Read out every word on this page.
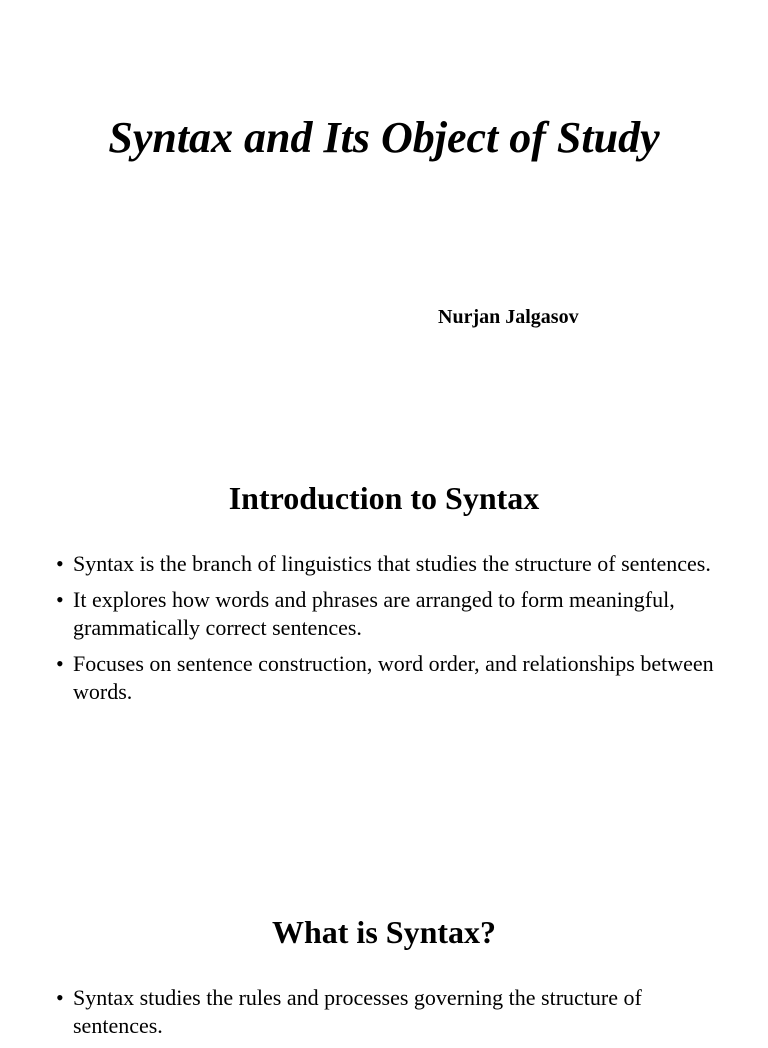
Syntax and Its Object of Study

Nurjan Jalgasov

Introduction to Syntax
• Syntax is the branch of linguistics that studies the structure of sentences.
• It explores how words and phrases are arranged to form meaningful, grammatically correct sentences.
• Focuses on sentence construction, word order, and relationships between words.
What is Syntax?
• Syntax studies the rules and processes governing the structure of sentences.
